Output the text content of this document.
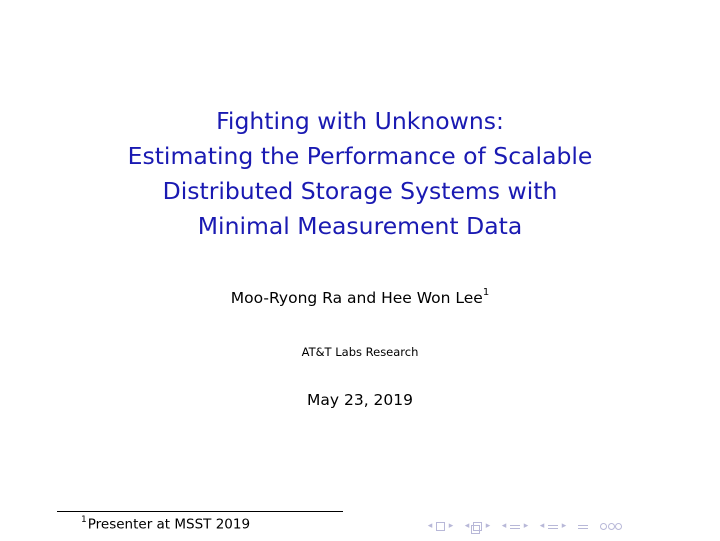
Fighting with Unknowns:
Estimating the Performance of Scalable
Distributed Storage Systems with
Minimal Measurement Data
Moo-Ryong Ra and Hee Won Lee$^1$
AT&T Labs Research
May 23, 2019
$^1$Presenter at MSST 2019	◂ ▸ ◂ ▸ ◂ ▸ ◂ ▸
